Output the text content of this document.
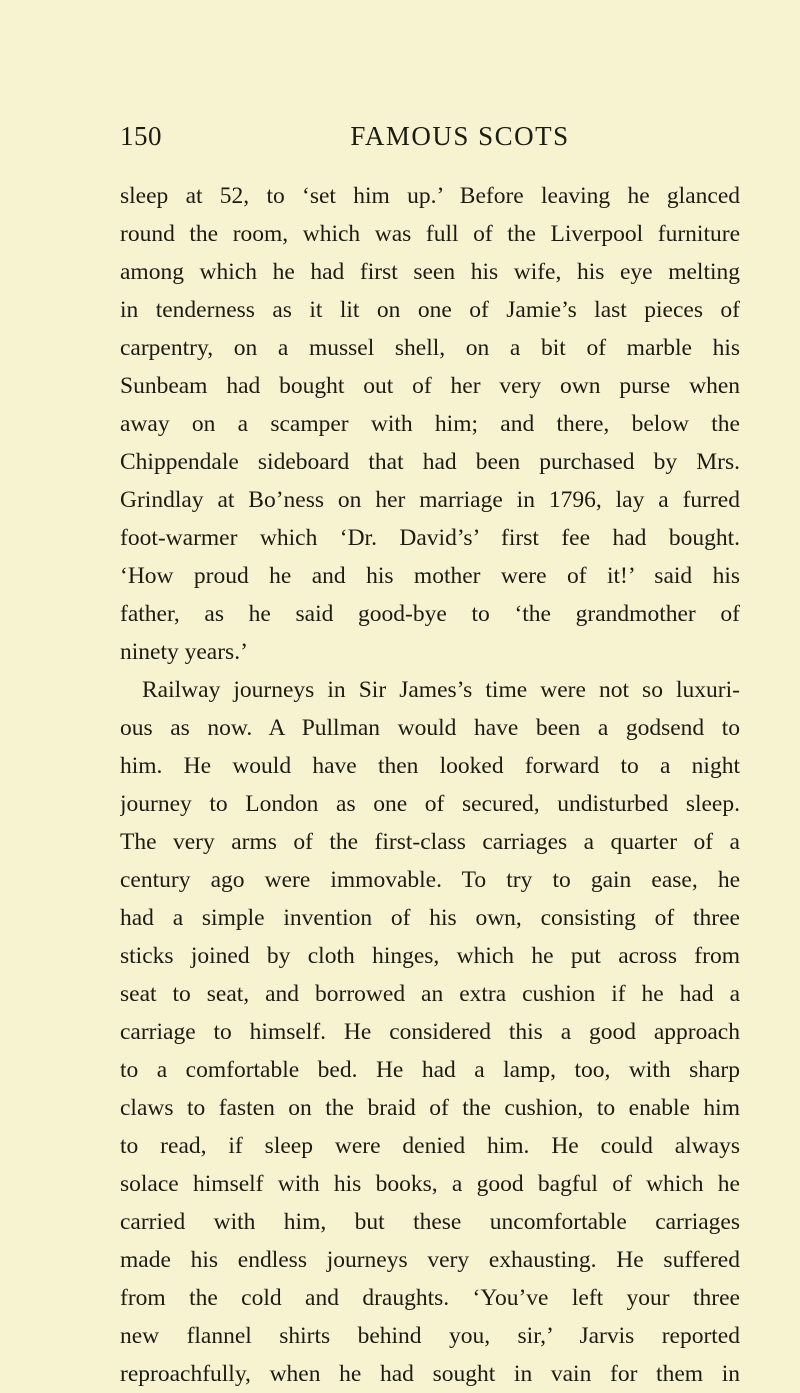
150	FAMOUS SCOTS
sleep at 52, to ‘set him up.’ Before leaving he glanced
round the room, which was full of the Liverpool furniture
among which he had first seen his wife, his eye melting
in tenderness as it lit on one of Jamie’s last pieces of
carpentry, on a mussel shell, on a bit of marble his
Sunbeam had bought out of her very own purse when
away on a scamper with him; and there, below the
Chippendale sideboard that had been purchased by Mrs.
Grindlay at Bo’ness on her marriage in 1796, lay a furred
foot-warmer which ‘Dr. David’s’ first fee had bought.
‘How proud he and his mother were of it!’ said his
father, as he said good-bye to ‘the grandmother of
ninety years.’
Railway journeys in Sir James’s time were not so luxuri-
ous as now. A Pullman would have been a godsend to
him. He would have then looked forward to a night
journey to London as one of secured, undisturbed sleep.
The very arms of the first-class carriages a quarter of a
century ago were immovable. To try to gain ease, he
had a simple invention of his own, consisting of three
sticks joined by cloth hinges, which he put across from
seat to seat, and borrowed an extra cushion if he had a
carriage to himself. He considered this a good approach
to a comfortable bed. He had a lamp, too, with sharp
claws to fasten on the braid of the cushion, to enable him
to read, if sleep were denied him. He could always
solace himself with his books, a good bagful of which he
carried with him, but these uncomfortable carriages
made his endless journeys very exhausting. He suffered
from the cold and draughts. ‘You’ve left your three
new flannel shirts behind you, sir,’ Jarvis reported
reproachfully, when he had sought in vain for them in
